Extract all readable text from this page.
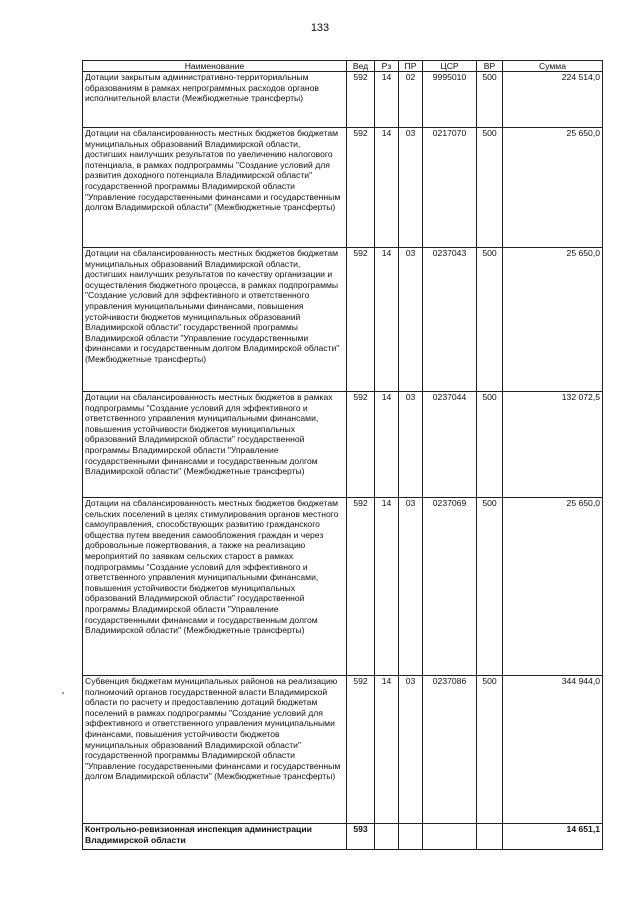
133
Наименование	Вед	Рз	ПР	ЦСР	ВР	Сумма
Дотации закрытым административно-территориальным образованиям в рамках непрограммных расходов органов исполнительной власти (Межбюджетные трансферты)	592	14	02	9995010	500	224 514,0
Дотации на сбалансированность местных бюджетов бюджетам муниципальных образований Владимирской области, достигших наилучших результатов по увеличению налогового потенциала, в рамках подпрограммы "Создание условий для развития доходного потенциала Владимирской области" государственной программы Владимирской области "Управление государственными финансами и государственным долгом Владимирской области" (Межбюджетные трансферты)	592	14	03	0217070	500	25 650,0
Дотации на сбалансированность местных бюджетов бюджетам муниципальных образований Владимирской области, достигших наилучших результатов по качеству организации и осуществления бюджетного процесса, в рамках подпрограммы "Создание условий для эффективного и ответственного управления муниципальными финансами, повышения устойчивости бюджетов муниципальных образований Владимирской области" государственной программы Владимирской области "Управление государственными финансами и государственным долгом Владимирской области" (Межбюджетные трансферты)	592	14	03	0237043	500	25 650,0
Дотации на сбалансированность местных бюджетов в рамках подпрограммы "Создание условий для эффективного и ответственного управления муниципальными финансами, повышения устойчивости бюджетов муниципальных образований Владимирской области" государственной программы Владимирской области "Управление государственными финансами и государственным долгом Владимирской области" (Межбюджетные трансферты)	592	14	03	0237044	500	132 072,5
Дотации на сбалансированность местных бюджетов бюджетам сельских поселений в целях стимулирования органов местного самоуправления, способствующих развитию гражданского общества путем введения самообложения граждан и через добровольные пожертвования, а также на реализацию мероприятий по заявкам сельских старост в рамках подпрограммы "Создание условий для эффективного и ответственного управления муниципальными финансами, повышения устойчивости бюджетов муниципальных образований Владимирской области" государственной программы Владимирской области "Управление государственными финансами и государственным долгом Владимирской области" (Межбюджетные трансферты)	592	14	03	0237069	500	25 650,0
Субвенция бюджетам муниципальных районов на реализацию полномочий органов государственной власти Владимирской области по расчету и предоставлению дотаций бюджетам поселений в рамках подпрограммы "Создание условий для эффективного и ответственного управления муниципальными финансами, повышения устойчивости бюджетов муниципальных образований Владимирской области" государственной программы Владимирской области "Управление государственными финансами и государственным долгом Владимирской области" (Межбюджетные трансферты)	592	14	03	0237086	500	344 944,0
Контрольно-ревизионная инспекция администрации Владимирской области	593					14 651,1
